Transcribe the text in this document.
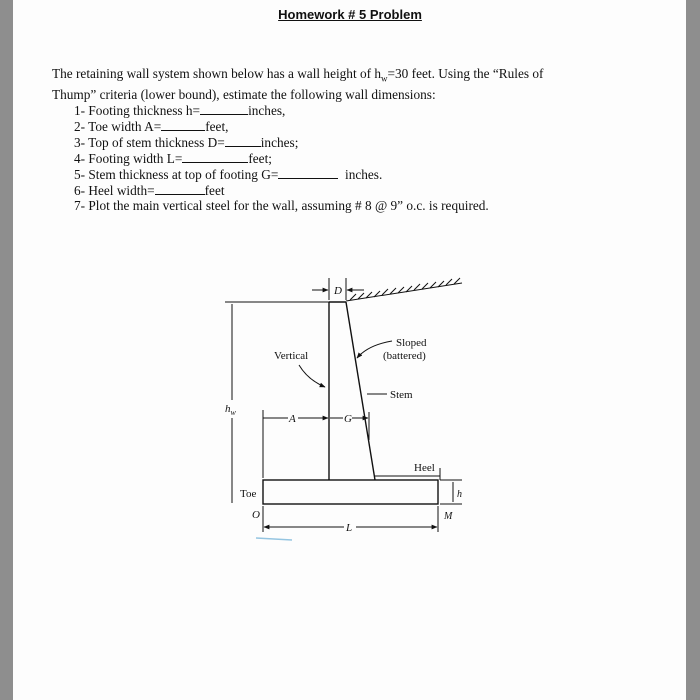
Homework # 5 Problem
The retaining wall system shown below has a wall height of $h_w=30$ feet. Using the “Rules of
Thump” criteria (lower bound), estimate the following wall dimensions:
1- Footing thickness h=	inches,
2- Toe width A=	feet,
3- Top of stem thickness D=	inches;
4- Footing width L=	feet;
5- Stem thickness at top of footing G=	inches.
6- Heel width=	feet
7- Plot the main vertical steel for the wall, assuming # 8 @ 9” o.c. is required.
D
$h_w$
Vertical
Sloped
(battered)
Stem
A	G
Heel
Toe	h
M
O
L
